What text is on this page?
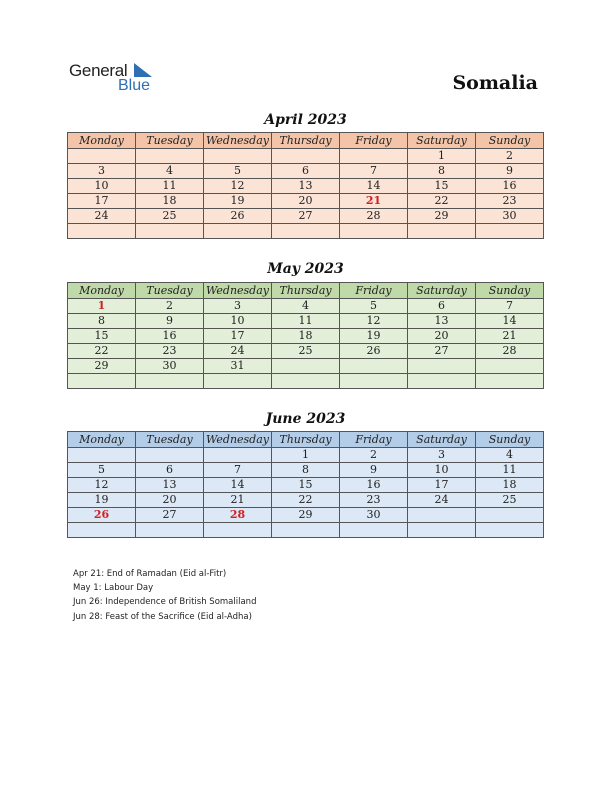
General
Blue	Somalia
April 2023
Monday	Tuesday	Wednesday	Thursday	Friday	Saturday	Sunday
					1	2
3	4	5	6	7	8	9
10	11	12	13	14	15	16
17	18	19	20	21	22	23
24	25	26	27	28	29	30

May 2023
Monday	Tuesday	Wednesday	Thursday	Friday	Saturday	Sunday
1	2	3	4	5	6	7
8	9	10	11	12	13	14
15	16	17	18	19	20	21
22	23	24	25	26	27	28
29	30	31				

June 2023
Monday	Tuesday	Wednesday	Thursday	Friday	Saturday	Sunday
			1	2	3	4
5	6	7	8	9	10	11
12	13	14	15	16	17	18
19	20	21	22	23	24	25
26	27	28	29	30		

Apr 21: End of Ramadan (Eid al-Fitr)
May 1: Labour Day
Jun 26: Independence of British Somaliland
Jun 28: Feast of the Sacrifice (Eid al-Adha)
